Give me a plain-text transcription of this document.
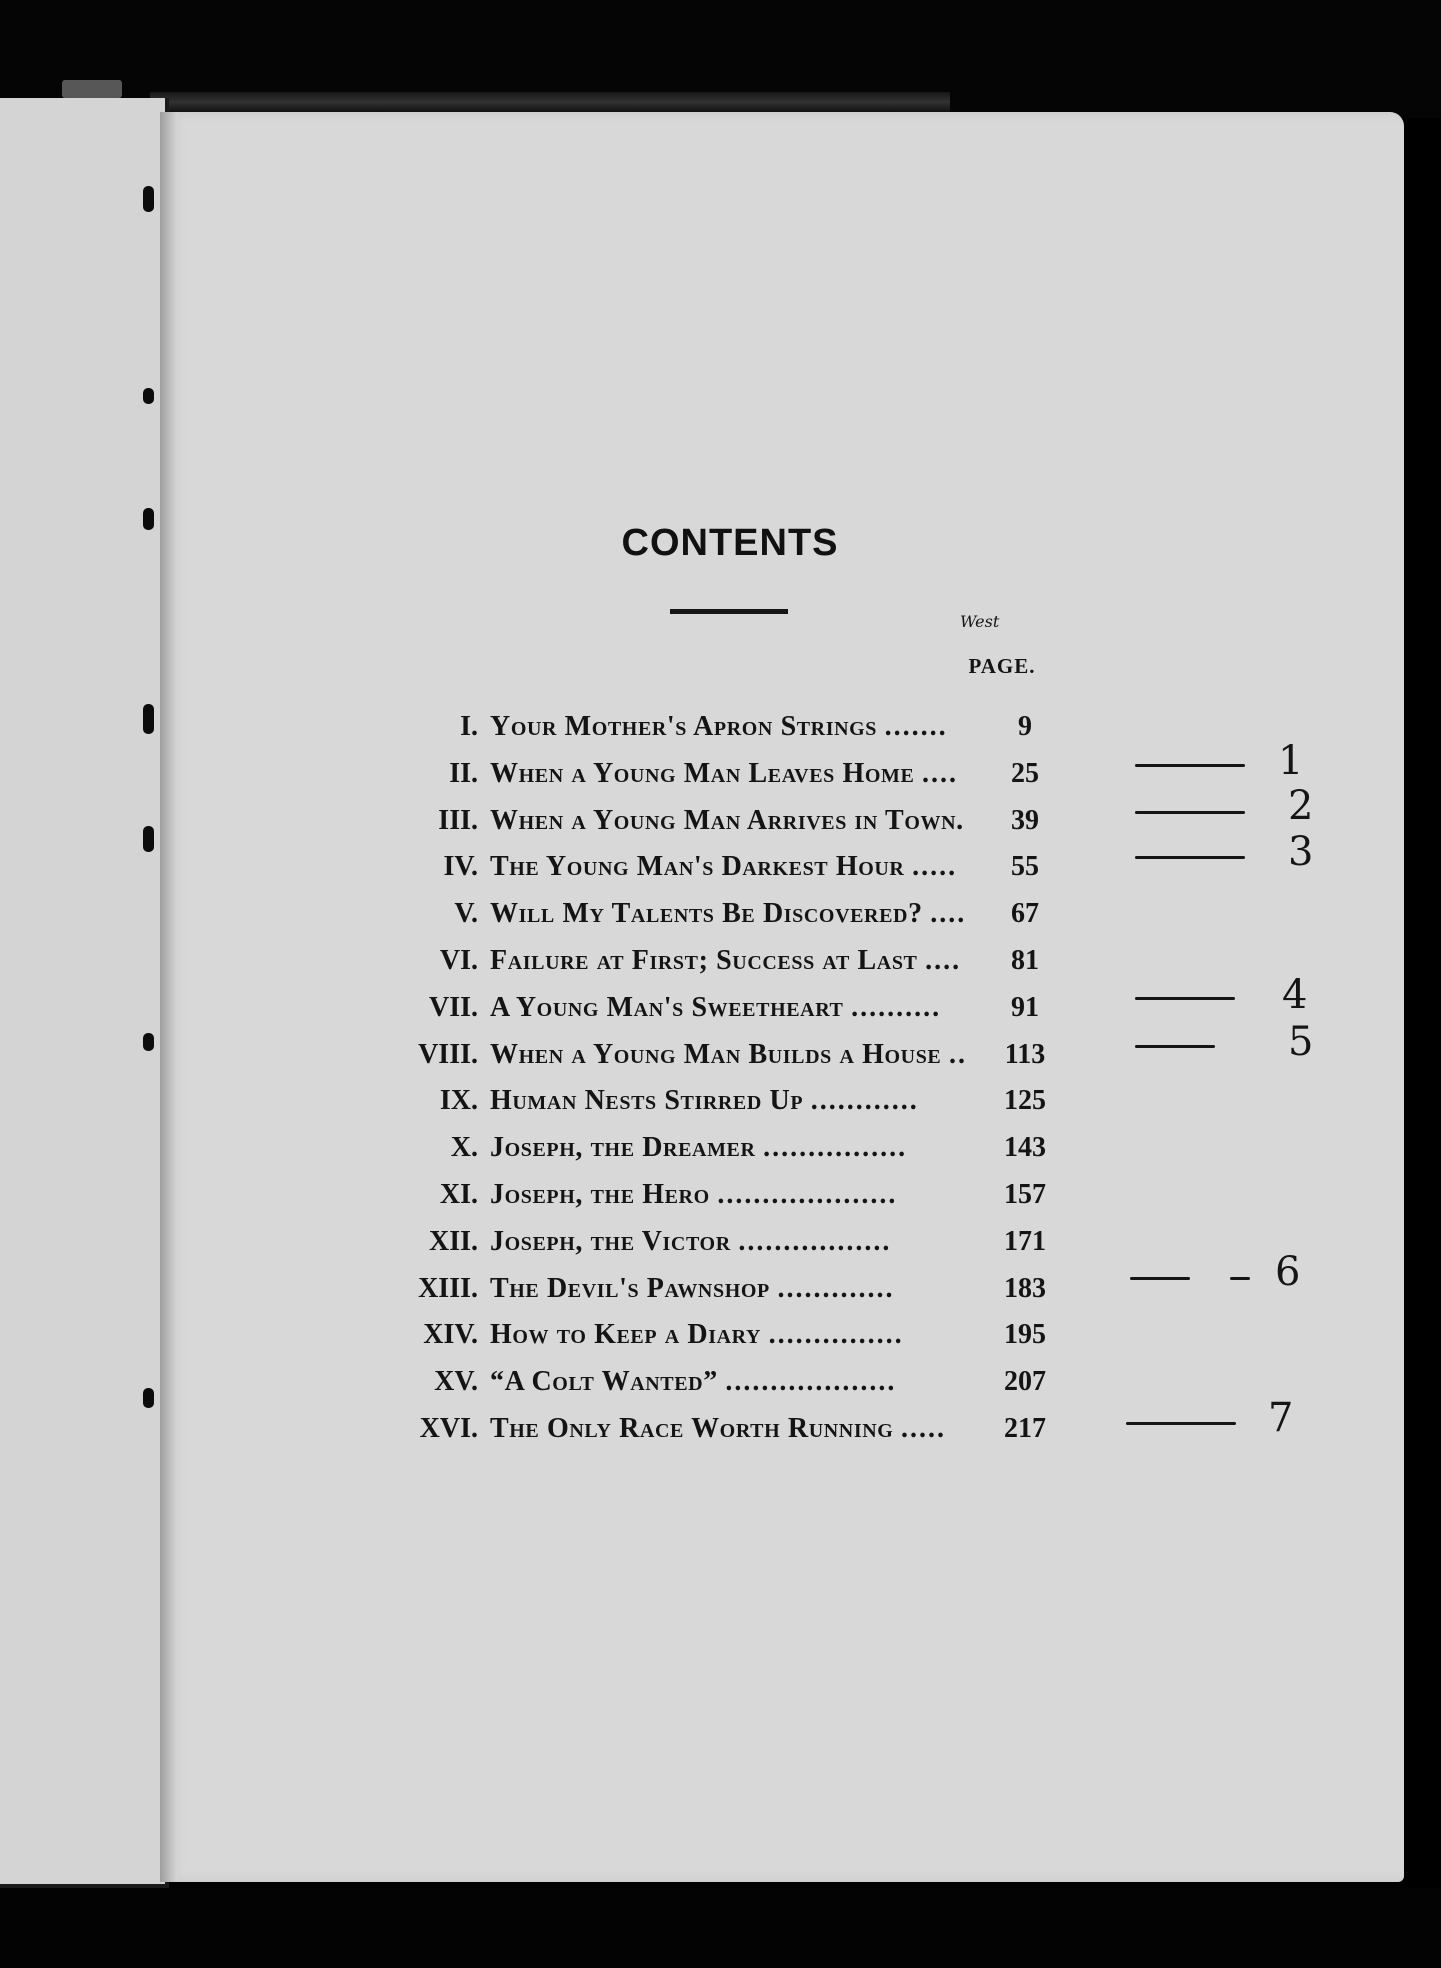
CONTENTS
PAGE.
I. Your Mother's Apron Strings .......	9
II. When a Young Man Leaves Home ....	25
III. When a Young Man Arrives in Town.	39
IV. The Young Man's Darkest Hour .....	55
V. Will My Talents Be Discovered? ....	67
VI. Failure at First; Success at Last ....	81
VII. A Young Man's Sweetheart ..........	91
VIII. When a Young Man Builds a House ..	113
IX. Human Nests Stirred Up ............	125
X. Joseph, the Dreamer ................	143
XI. Joseph, the Hero ....................	157
XII. Joseph, the Victor .................	171
XIII. The Devil's Pawnshop .............	183
XIV. How to Keep a Diary ...............	195
XV. “A Colt Wanted” ...................	207
XVI. The Only Race Worth Running .....	217
West
1
2
3
4
5
6
7
